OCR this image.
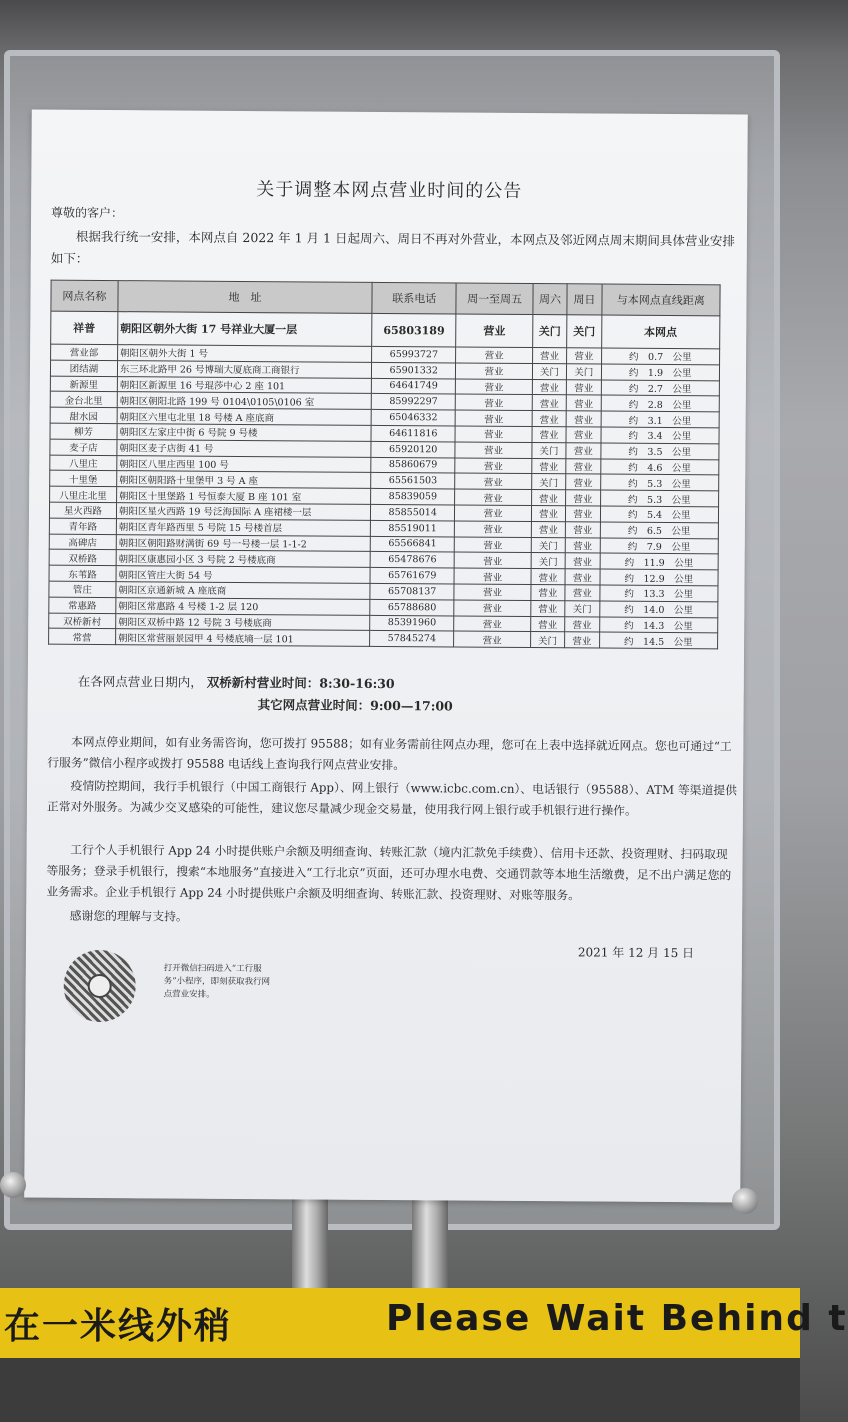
在一米线外稍	Please Wait Behind t
关于调整本网点营业时间的公告
尊敬的客户：
根据我行统一安排，本网点自 2022 年 1 月 1 日起周六、周日不再对外营业，本网点及邻近网点周末期间具体营业安排如下：
网点名称	地　址	联系电话	周一至周五	周六	周日	与本网点直线距离
祥普	朝阳区朝外大街 17 号祥业大厦一层	65803189	营业	关门	关门	本网点
营业部	朝阳区朝外大街 1 号	65993727	营业	营业	营业	约　0.7　公里
团结湖	东三环北路甲 26 号博瑞大厦底商工商银行	65901332	营业	关门	关门	约　1.9　公里
新源里	朝阳区新源里 16 号琨莎中心 2 座 101	64641749	营业	营业	营业	约　2.7　公里
金台北里	朝阳区朝阳北路 199 号 0104\0105\0106 室	85992297	营业	营业	营业	约　2.8　公里
甜水园	朝阳区六里屯北里 18 号楼 A 座底商	65046332	营业	营业	营业	约　3.1　公里
柳芳	朝阳区左家庄中街 6 号院 9 号楼	64611816	营业	营业	营业	约　3.4　公里
麦子店	朝阳区麦子店街 41 号	65920120	营业	关门	营业	约　3.5　公里
八里庄	朝阳区八里庄西里 100 号	85860679	营业	营业	营业	约　4.6　公里
十里堡	朝阳区朝阳路十里堡甲 3 号 A 座	65561503	营业	关门	营业	约　5.3　公里
八里庄北里	朝阳区十里堡路 1 号恒泰大厦 B 座 101 室	85839059	营业	营业	营业	约　5.3　公里
星火西路	朝阳区星火西路 19 号泛海国际 A 座裙楼一层	85855014	营业	营业	营业	约　5.4　公里
青年路	朝阳区青年路西里 5 号院 15 号楼首层	85519011	营业	营业	营业	约　6.5　公里
高碑店	朝阳区朝阳路财满街 69 号一号楼一层 1-1-2	65566841	营业	关门	营业	约　7.9　公里
双桥路	朝阳区康惠园小区 3 号院 2 号楼底商	65478676	营业	关门	营业	约　11.9　公里
东苇路	朝阳区管庄大街 54 号	65761679	营业	营业	营业	约　12.9　公里
管庄	朝阳区京通新城 A 座底商	65708137	营业	营业	营业	约　13.3　公里
常惠路	朝阳区常惠路 4 号楼 1-2 层 120	65788680	营业	营业	关门	约　14.0　公里
双桥新村	朝阳区双桥中路 12 号院 3 号楼底商	85391960	营业	营业	营业	约　14.3　公里
常营	朝阳区常营丽景园甲 4 号楼底墒一层 101	57845274	营业	关门	营业	约　14.5　公里
在各网点营业日期内， 双桥新村营业时间：8:30-16:30
其它网点营业时间：9:00—17:00
本网点停业期间，如有业务需咨询，您可拨打 95588；如有业务需前往网点办理，您可在上表中选择就近网点。您也可通过“工行服务”微信小程序或拨打 95588 电话线上查询我行网点营业安排。
疫情防控期间，我行手机银行（中国工商银行 App）、网上银行（www.icbc.com.cn）、电话银行（95588）、ATM 等渠道提供正常对外服务。为减少交叉感染的可能性，建议您尽量减少现金交易量，使用我行网上银行或手机银行进行操作。
工行个人手机银行 App 24 小时提供账户余额及明细查询、转账汇款（境内汇款免手续费）、信用卡还款、投资理财、扫码取现等服务；登录手机银行，搜索“本地服务”直接进入“工行北京”页面，还可办理水电费、交通罚款等本地生活缴费，足不出户满足您的业务需求。企业手机银行 App 24 小时提供账户余额及明细查询、转账汇款、投资理财、对账等服务。
感谢您的理解与支持。
2021 年 12 月 15 日
打开微信扫码进入“工行服务”小程序，即刻获取我行网点营业安排。
